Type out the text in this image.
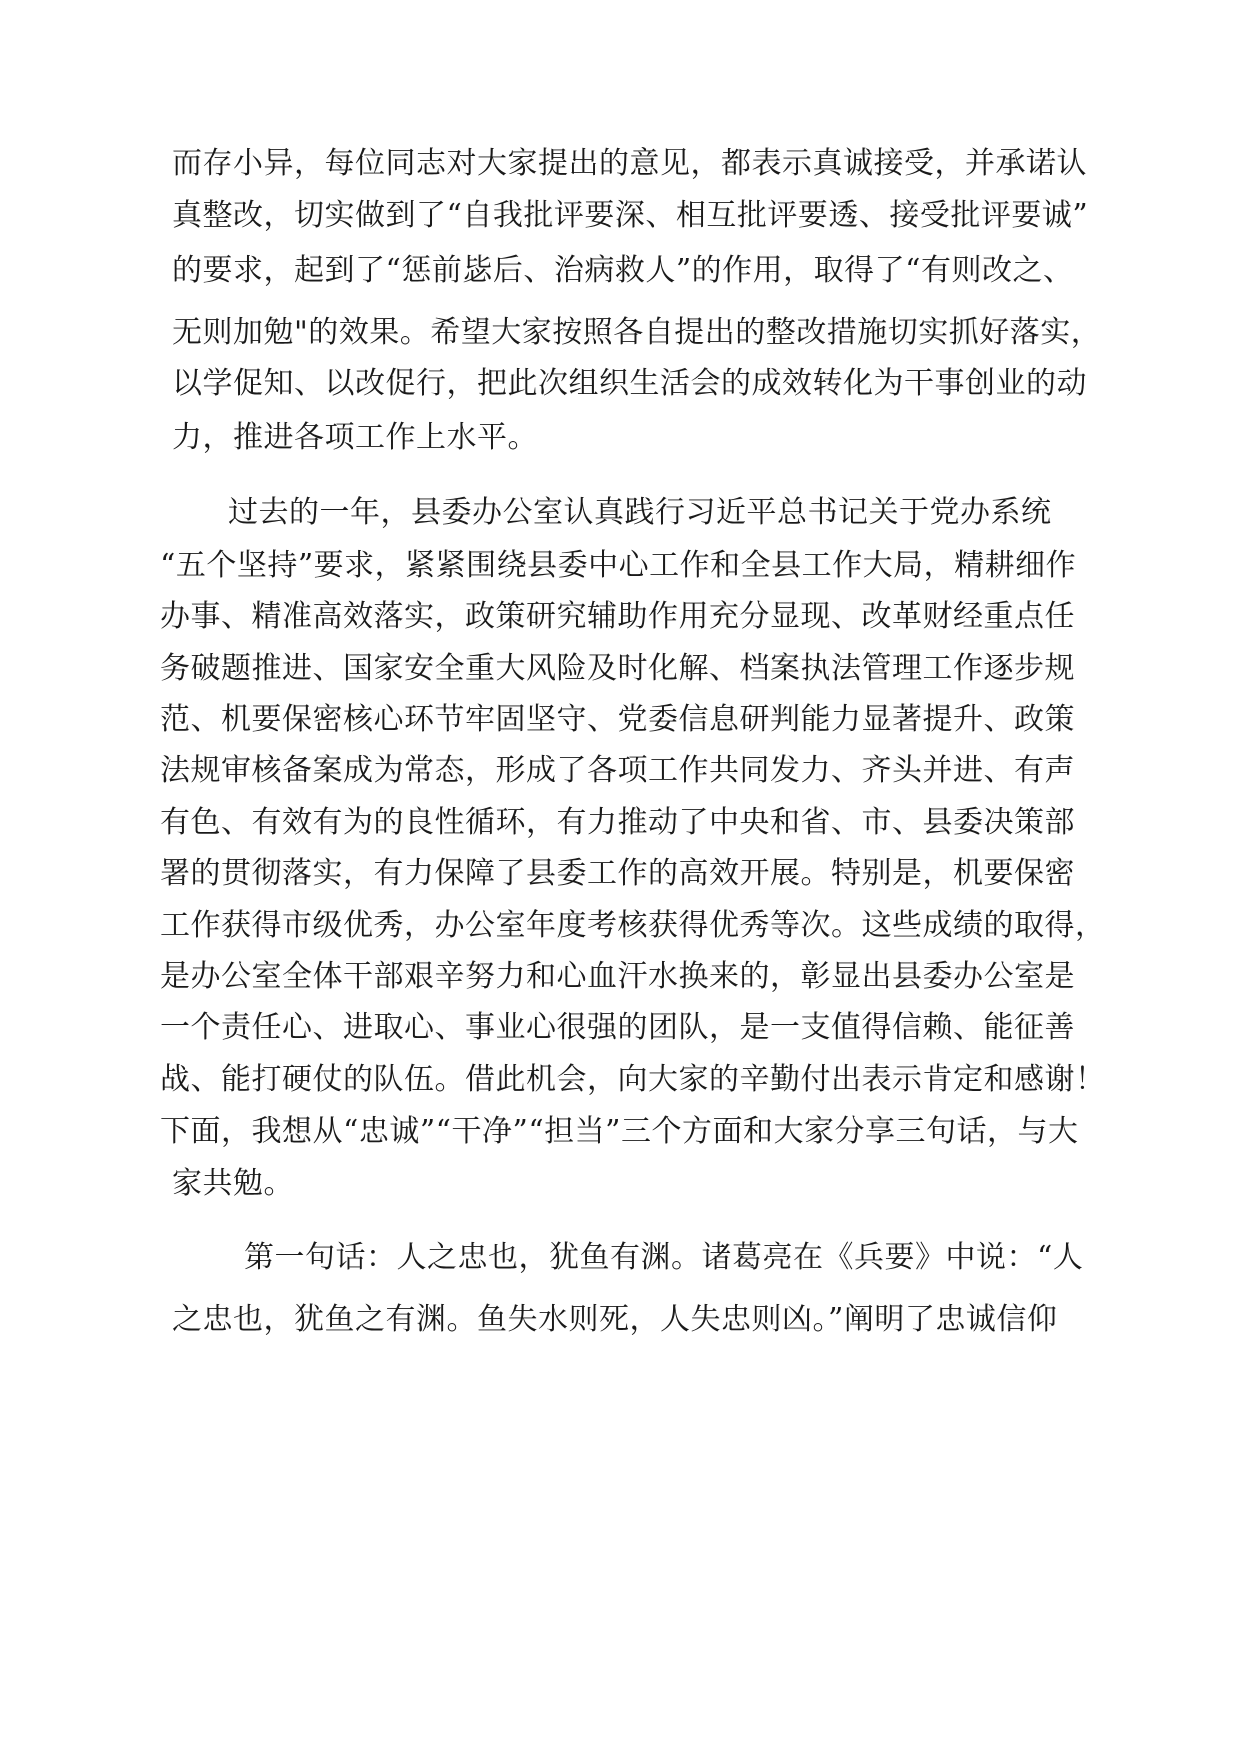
而存小异，每位同志对大家提出的意见，都表示真诚接受，并承诺认
真整改，切实做到了“自我批评要深、相互批评要透、接受批评要诚”
的要求，起到了“惩前毖后、治病救人”的作用，取得了“有则改之、
无则加勉"的效果。希望大家按照各自提出的整改措施切实抓好落实，
以学促知、以改促行，把此次组织生活会的成效转化为干事创业的动
力，推进各项工作上水平。
过去的一年，县委办公室认真践行习近平总书记关于党办系统
“五个坚持”要求，紧紧围绕县委中心工作和全县工作大局，精耕细作
办事、精准高效落实，政策研究辅助作用充分显现、改革财经重点任
务破题推进、国家安全重大风险及时化解、档案执法管理工作逐步规
范、机要保密核心环节牢固坚守、党委信息研判能力显著提升、政策
法规审核备案成为常态，形成了各项工作共同发力、齐头并进、有声
有色、有效有为的良性循环，有力推动了中央和省、市、县委决策部
署的贯彻落实，有力保障了县委工作的高效开展。特别是，机要保密
工作获得市级优秀，办公室年度考核获得优秀等次。这些成绩的取得，
是办公室全体干部艰辛努力和心血汗水换来的，彰显出县委办公室是
一个责任心、进取心、事业心很强的团队，是一支值得信赖、能征善
战、能打硬仗的队伍。借此机会，向大家的辛勤付出表示肯定和感谢！
下面，我想从“忠诚”“干净”“担当”三个方面和大家分享三句话，与大
家共勉。
第一句话：人之忠也，犹鱼有渊。诸葛亮在《兵要》中说：“人
之忠也，犹鱼之有渊。鱼失水则死，人失忠则凶。”阐明了忠诚信仰
